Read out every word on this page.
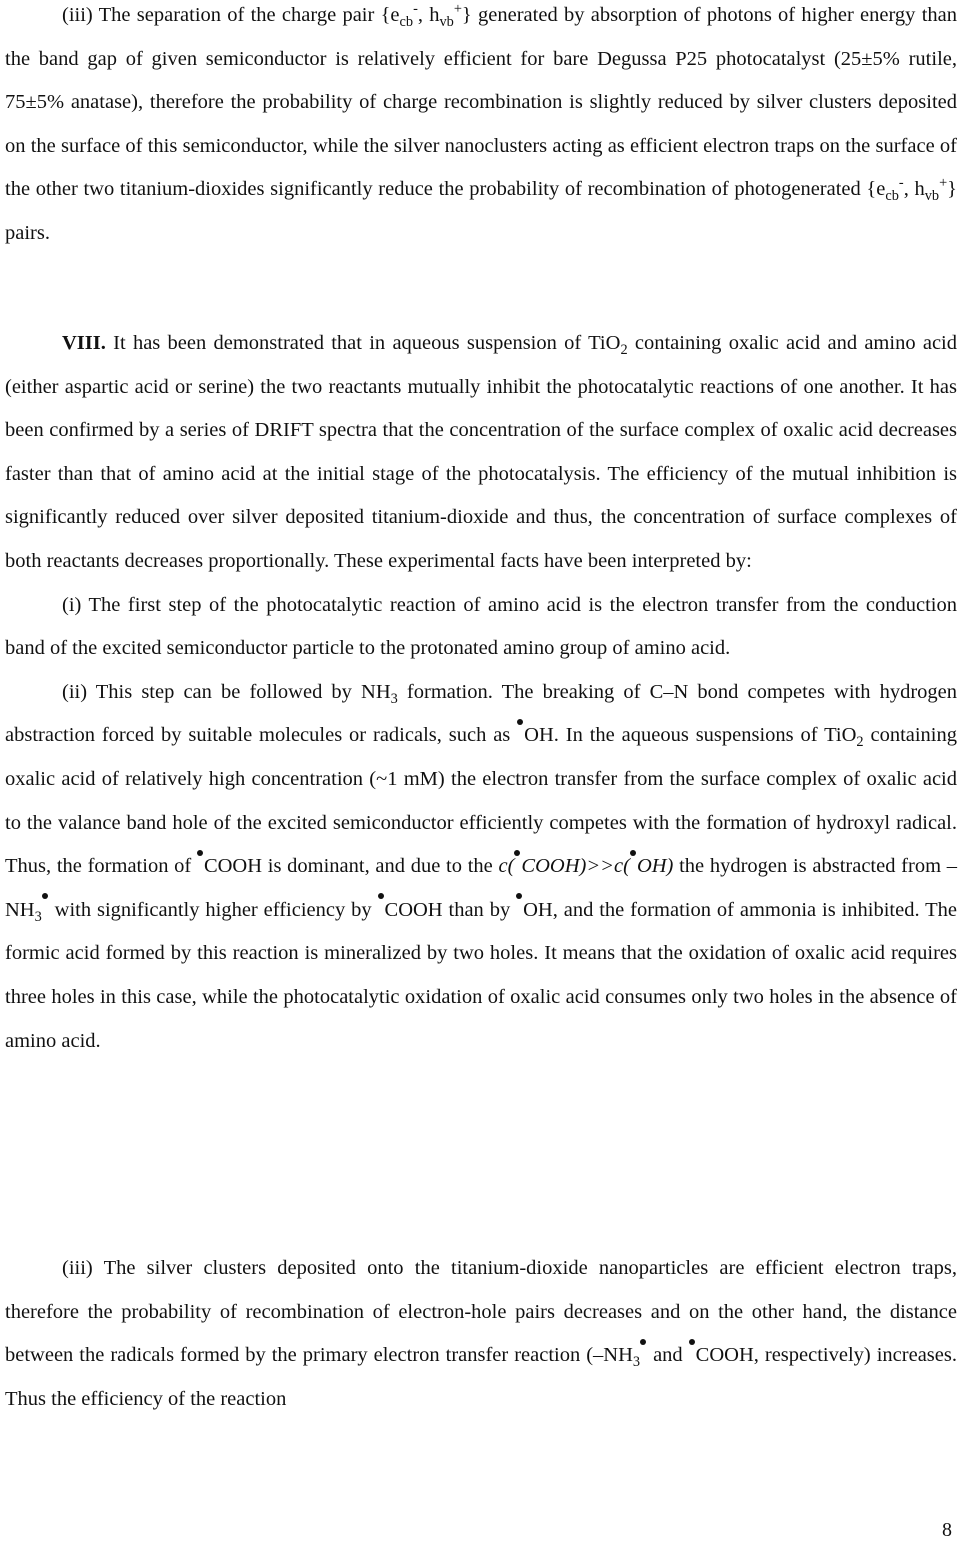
(iii) The separation of the charge pair {$e_{cb}^-$, $h_{vb}^+$} generated by absorption of photons of higher energy than the band gap of given semiconductor is relatively efficient for bare Degussa P25 photocatalyst (25±5% rutile, 75±5% anatase), therefore the probability of charge recombination is slightly reduced by silver clusters deposited on the surface of this semiconductor, while the silver nanoclusters acting as efficient electron traps on the surface of the other two titanium-dioxides significantly reduce the probability of recombination of photogenerated {$e_{cb}^-$, $h_{vb}^+$} pairs.

VIII. It has been demonstrated that in aqueous suspension of TiO$_2$ containing oxalic acid and amino acid (either aspartic acid or serine) the two reactants mutually inhibit the photocatalytic reactions of one another. It has been confirmed by a series of DRIFT spectra that the concentration of the surface complex of oxalic acid decreases faster than that of amino acid at the initial stage of the photocatalysis. The efficiency of the mutual inhibition is significantly reduced over silver deposited titanium-dioxide and thus, the concentration of surface complexes of both reactants decreases proportionally. These experimental facts have been interpreted by:

(i) The first step of the photocatalytic reaction of amino acid is the electron transfer from the conduction band of the excited semiconductor particle to the protonated amino group of amino acid.

(ii) This step can be followed by $NH_3$ formation. The breaking of C–N bond competes with hydrogen abstraction forced by suitable molecules or radicals, such as OH. In the aqueous suspensions of TiO$_2$ containing oxalic acid of relatively high concentration (~1 mM) the electron transfer from the surface complex of oxalic acid to the valance band hole of the excited semiconductor efficiently competes with the formation of hydroxyl radical. Thus, the formation of COOH is dominant, and due to the c( COOH)>>c( OH) the hydrogen is abstracted from $-NH_3$ with significantly higher efficiency by COOH than by OH, and the formation of ammonia is inhibited. The formic acid formed by this reaction is mineralized by two holes. It means that the oxidation of oxalic acid requires three holes in this case, while the photocatalytic oxidation of oxalic acid consumes only two holes in the absence of amino acid.

(iii) The silver clusters deposited onto the titanium-dioxide nanoparticles are efficient electron traps, therefore the probability of recombination of electron-hole pairs decreases and on the other hand, the distance between the radicals formed by the primary electron transfer reaction ($-NH_3$ and COOH, respectively) increases. Thus the efficiency of the reaction

8
